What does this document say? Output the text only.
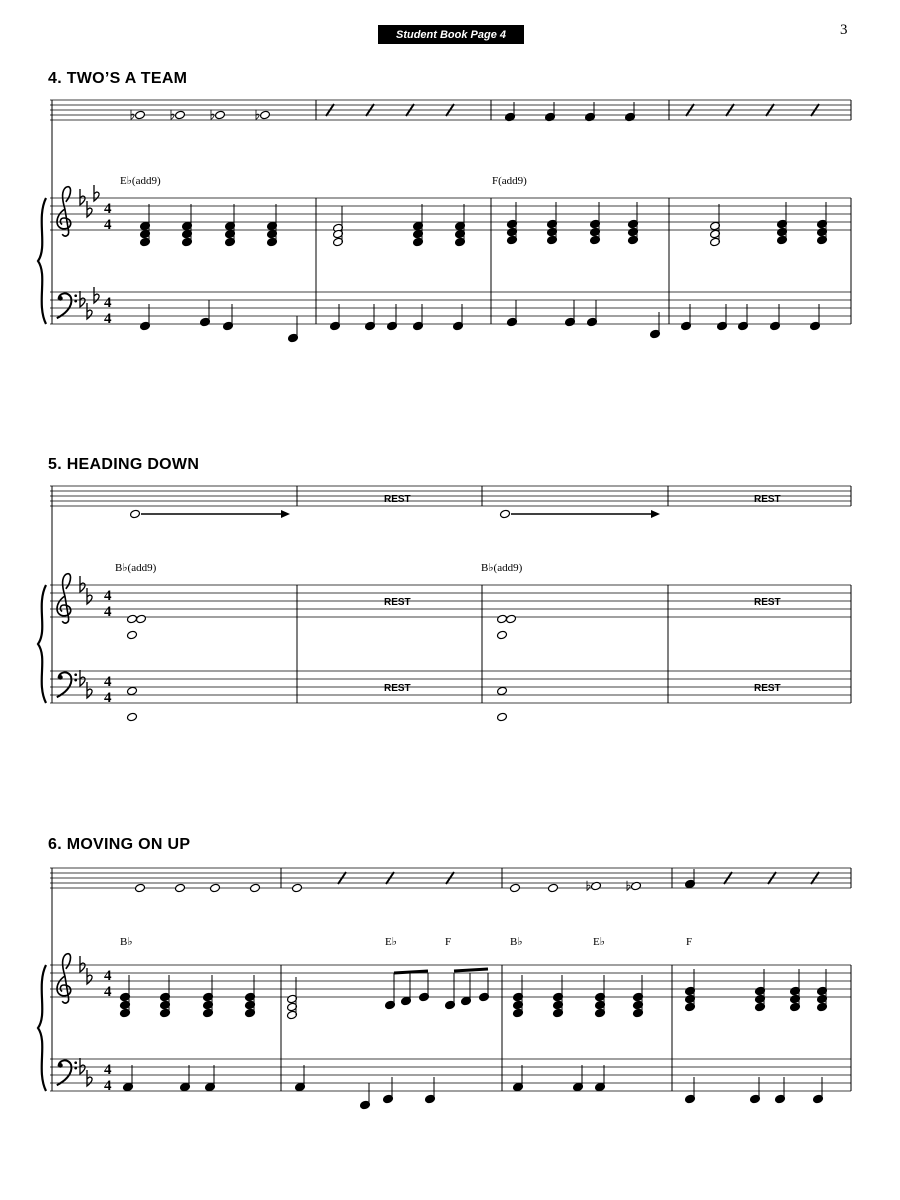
Student Book Page 4	3
4. TWO’S A TEAM
5. HEADING DOWN
6. MOVING ON UP
4
4
4
4
E♭(add9)	F(add9)
4
4
4
4
B♭(add9)	B♭(add9)
4
4
4
4
B♭	E♭	F	B♭	E♭	F
REST	REST
REST	REST
REST	REST
